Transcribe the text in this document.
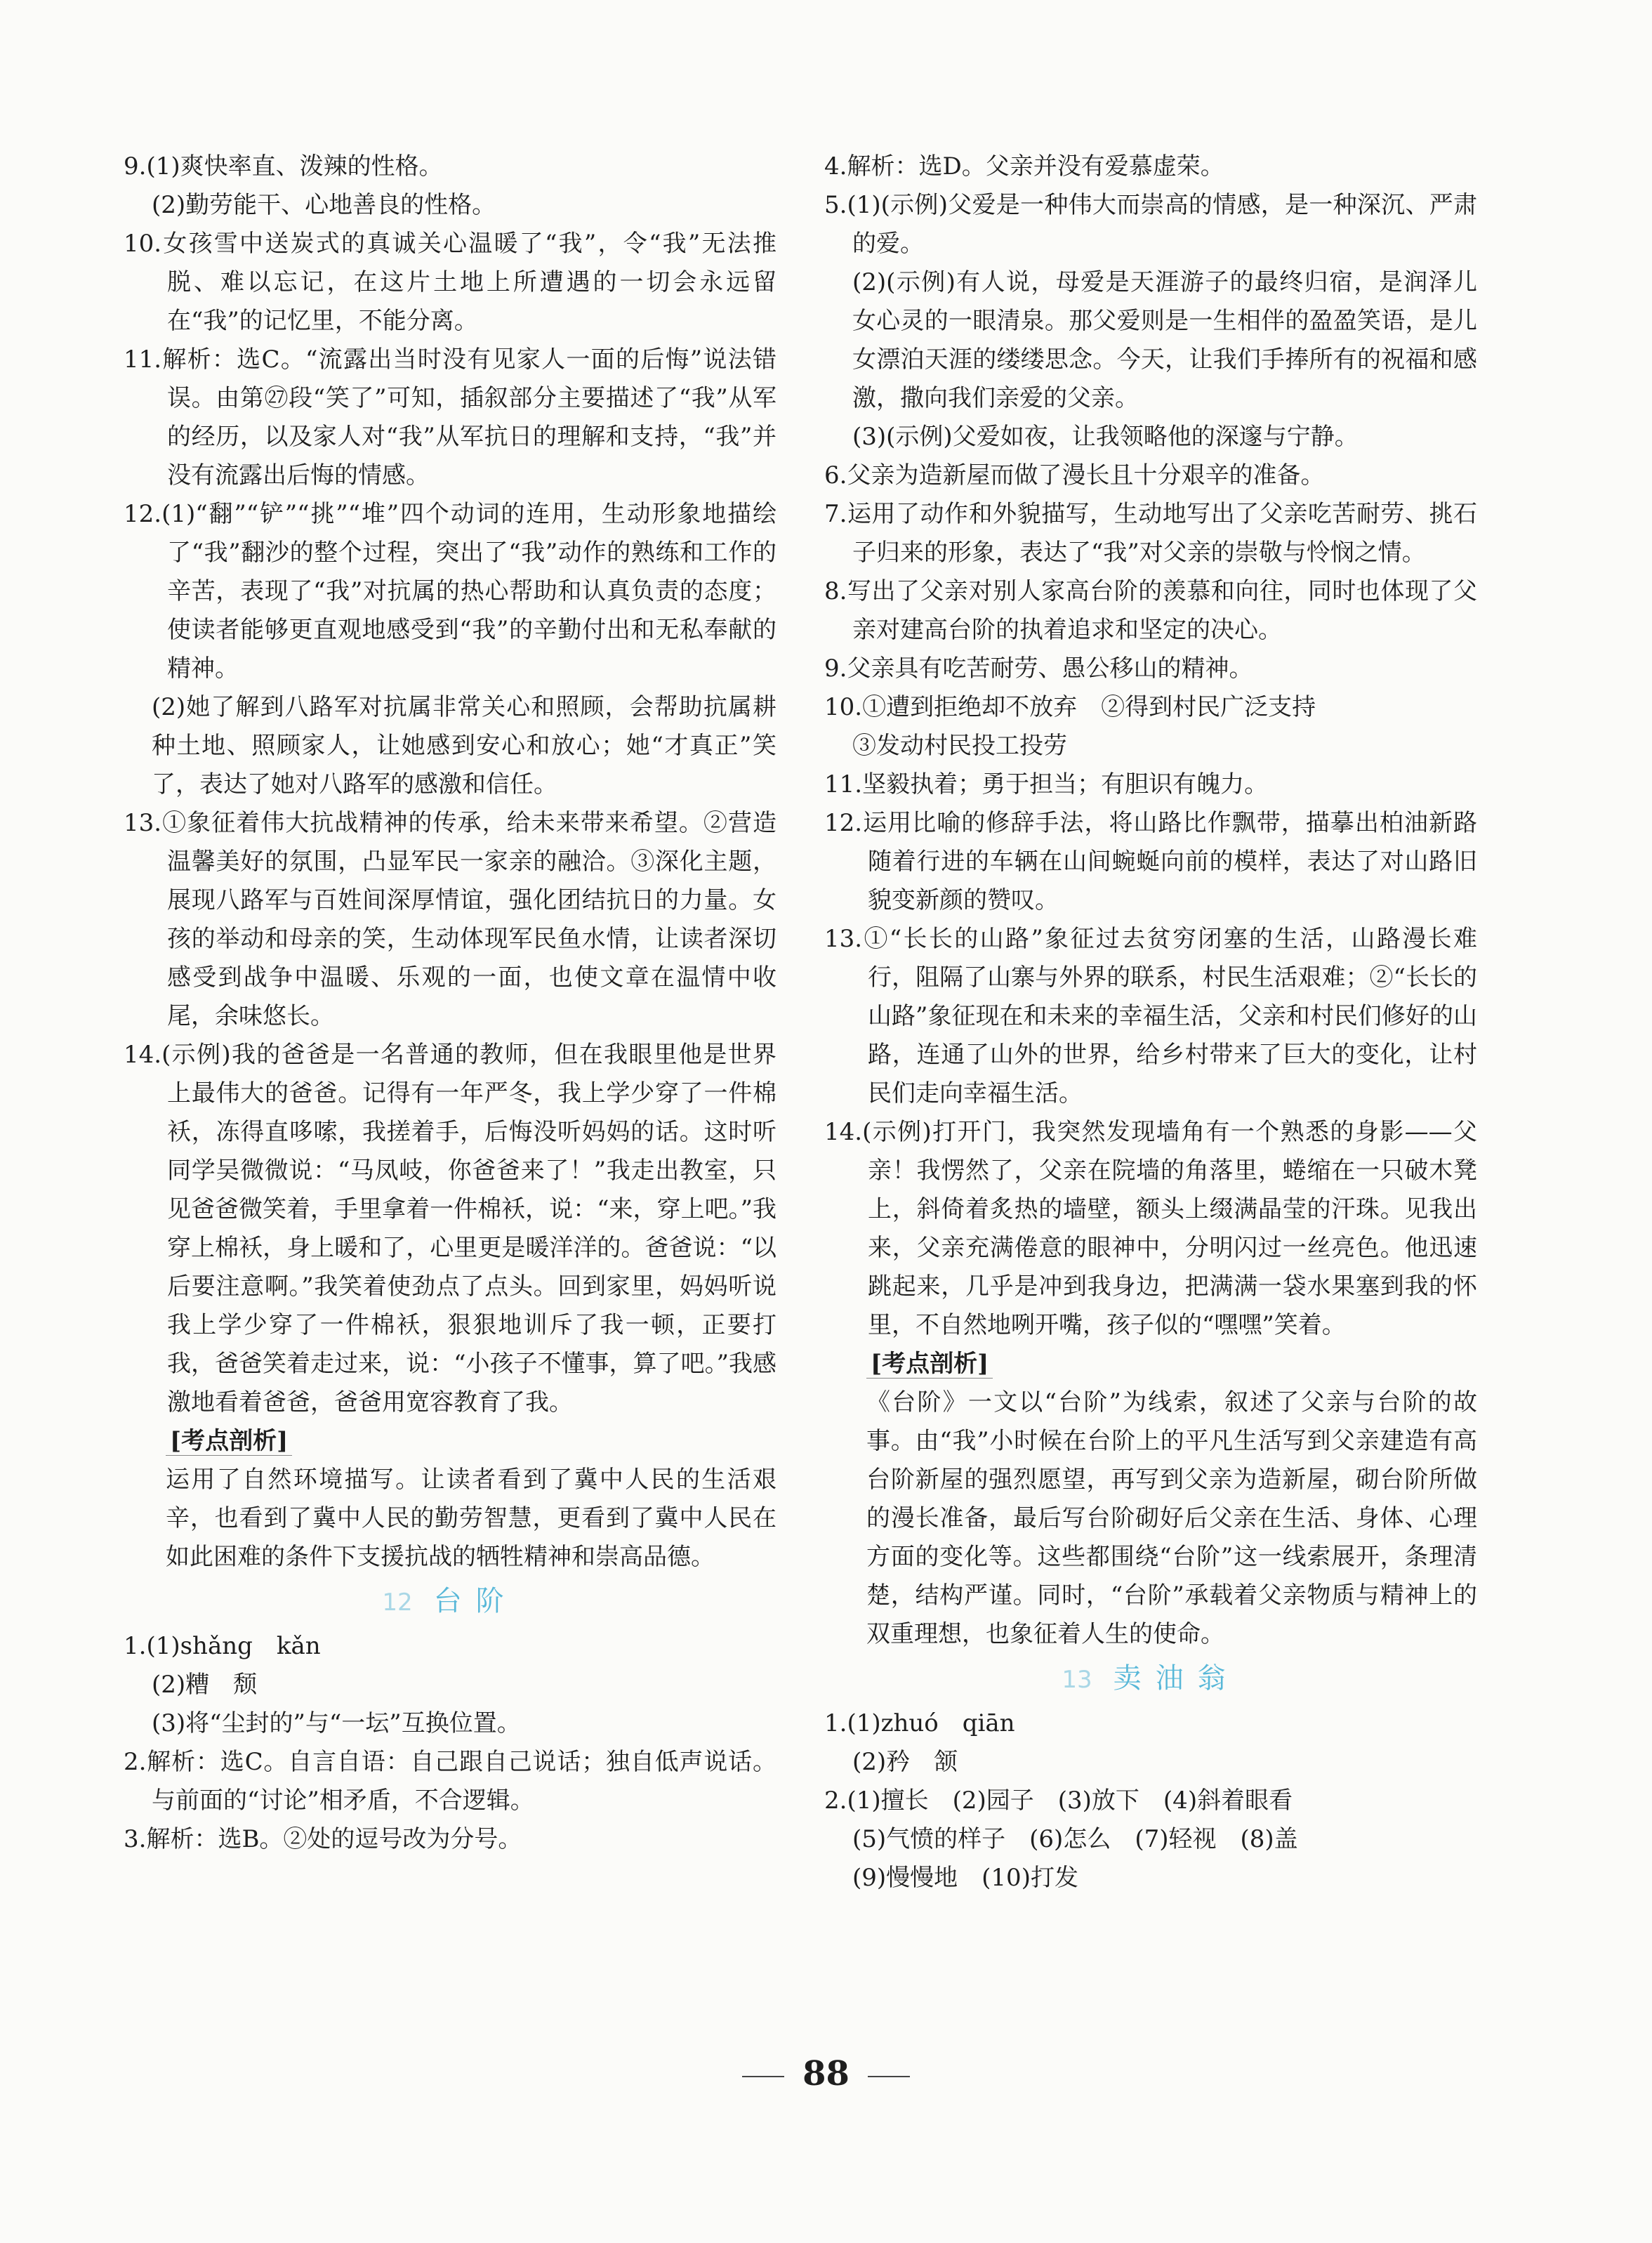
9.(1)爽快率直、泼辣的性格。

(2)勤劳能干、心地善良的性格。

10.女孩雪中送炭式的真诚关心温暖了“我”，令“我”无法推脱、难以忘记，在这片土地上所遭遇的一切会永远留在“我”的记忆里，不能分离。

11.解析：选C。“流露出当时没有见家人一面的后悔”说法错误。由第㉗段“笑了”可知，插叙部分主要描述了“我”从军的经历，以及家人对“我”从军抗日的理解和支持，“我”并没有流露出后悔的情感。

12.(1)“翻”“铲”“挑”“堆”四个动词的连用，生动形象地描绘了“我”翻沙的整个过程，突出了“我”动作的熟练和工作的辛苦，表现了“我”对抗属的热心帮助和认真负责的态度；使读者能够更直观地感受到“我”的辛勤付出和无私奉献的精神。

(2)她了解到八路军对抗属非常关心和照顾，会帮助抗属耕种土地、照顾家人，让她感到安心和放心；她“才真正”笑了，表达了她对八路军的感激和信任。

13.①象征着伟大抗战精神的传承，给未来带来希望。②营造温馨美好的氛围，凸显军民一家亲的融洽。③深化主题，展现八路军与百姓间深厚情谊，强化团结抗日的力量。女孩的举动和母亲的笑，生动体现军民鱼水情，让读者深切感受到战争中温暖、乐观的一面，也使文章在温情中收尾，余味悠长。

14.(示例)我的爸爸是一名普通的教师，但在我眼里他是世界上最伟大的爸爸。记得有一年严冬，我上学少穿了一件棉袄，冻得直哆嗦，我搓着手，后悔没听妈妈的话。这时听同学吴微微说：“马凤岐，你爸爸来了！”我走出教室，只见爸爸微笑着，手里拿着一件棉袄，说：“来，穿上吧。”我穿上棉袄，身上暖和了，心里更是暖洋洋的。爸爸说：“以后要注意啊。”我笑着使劲点了点头。回到家里，妈妈听说我上学少穿了一件棉袄，狠狠地训斥了我一顿，正要打我，爸爸笑着走过来，说：“小孩子不懂事，算了吧。”我感激地看着爸爸，爸爸用宽容教育了我。

[考点剖析]

运用了自然环境描写。让读者看到了冀中人民的生活艰辛，也看到了冀中人民的勤劳智慧，更看到了冀中人民在如此困难的条件下支援抗战的牺牲精神和崇高品德。

12 台阶

1.(1)shǎng　kǎn

(2)糟　颓

(3)将“尘封的”与“一坛”互换位置。

2.解析：选C。自言自语：自己跟自己说话；独自低声说话。与前面的“讨论”相矛盾，不合逻辑。

3.解析：选B。②处的逗号改为分号。

4.解析：选D。父亲并没有爱慕虚荣。

5.(1)(示例)父爱是一种伟大而崇高的情感，是一种深沉、严肃的爱。

(2)(示例)有人说，母爱是天涯游子的最终归宿，是润泽儿女心灵的一眼清泉。那父爱则是一生相伴的盈盈笑语，是儿女漂泊天涯的缕缕思念。今天，让我们手捧所有的祝福和感激，撒向我们亲爱的父亲。

(3)(示例)父爱如夜，让我领略他的深邃与宁静。

6.父亲为造新屋而做了漫长且十分艰辛的准备。

7.运用了动作和外貌描写，生动地写出了父亲吃苦耐劳、挑石子归来的形象，表达了“我”对父亲的崇敬与怜悯之情。

8.写出了父亲对别人家高台阶的羡慕和向往，同时也体现了父亲对建高台阶的执着追求和坚定的决心。

9.父亲具有吃苦耐劳、愚公移山的精神。

10.①遭到拒绝却不放弃　②得到村民广泛支持

③发动村民投工投劳

11.坚毅执着；勇于担当；有胆识有魄力。

12.运用比喻的修辞手法，将山路比作飘带，描摹出柏油新路随着行进的车辆在山间蜿蜒向前的模样，表达了对山路旧貌变新颜的赞叹。

13.①“长长的山路”象征过去贫穷闭塞的生活，山路漫长难行，阻隔了山寨与外界的联系，村民生活艰难；②“长长的山路”象征现在和未来的幸福生活，父亲和村民们修好的山路，连通了山外的世界，给乡村带来了巨大的变化，让村民们走向幸福生活。

14.(示例)打开门，我突然发现墙角有一个熟悉的身影——父亲！我愣然了，父亲在院墙的角落里，蜷缩在一只破木凳上，斜倚着炙热的墙壁，额头上缀满晶莹的汗珠。见我出来，父亲充满倦意的眼神中，分明闪过一丝亮色。他迅速跳起来，几乎是冲到我身边，把满满一袋水果塞到我的怀里，不自然地咧开嘴，孩子似的“嘿嘿”笑着。

[考点剖析]

《台阶》一文以“台阶”为线索，叙述了父亲与台阶的故事。由“我”小时候在台阶上的平凡生活写到父亲建造有高台阶新屋的强烈愿望，再写到父亲为造新屋，砌台阶所做的漫长准备，最后写台阶砌好后父亲在生活、身体、心理方面的变化等。这些都围绕“台阶”这一线索展开，条理清楚，结构严谨。同时，“台阶”承载着父亲物质与精神上的双重理想，也象征着人生的使命。

13 卖油翁

1.(1)zhuó　qiān

(2)矜　颔

2.(1)擅长　(2)园子　(3)放下　(4)斜着眼看

(5)气愤的样子　(6)怎么　(7)轻视　(8)盖

(9)慢慢地　(10)打发

88
